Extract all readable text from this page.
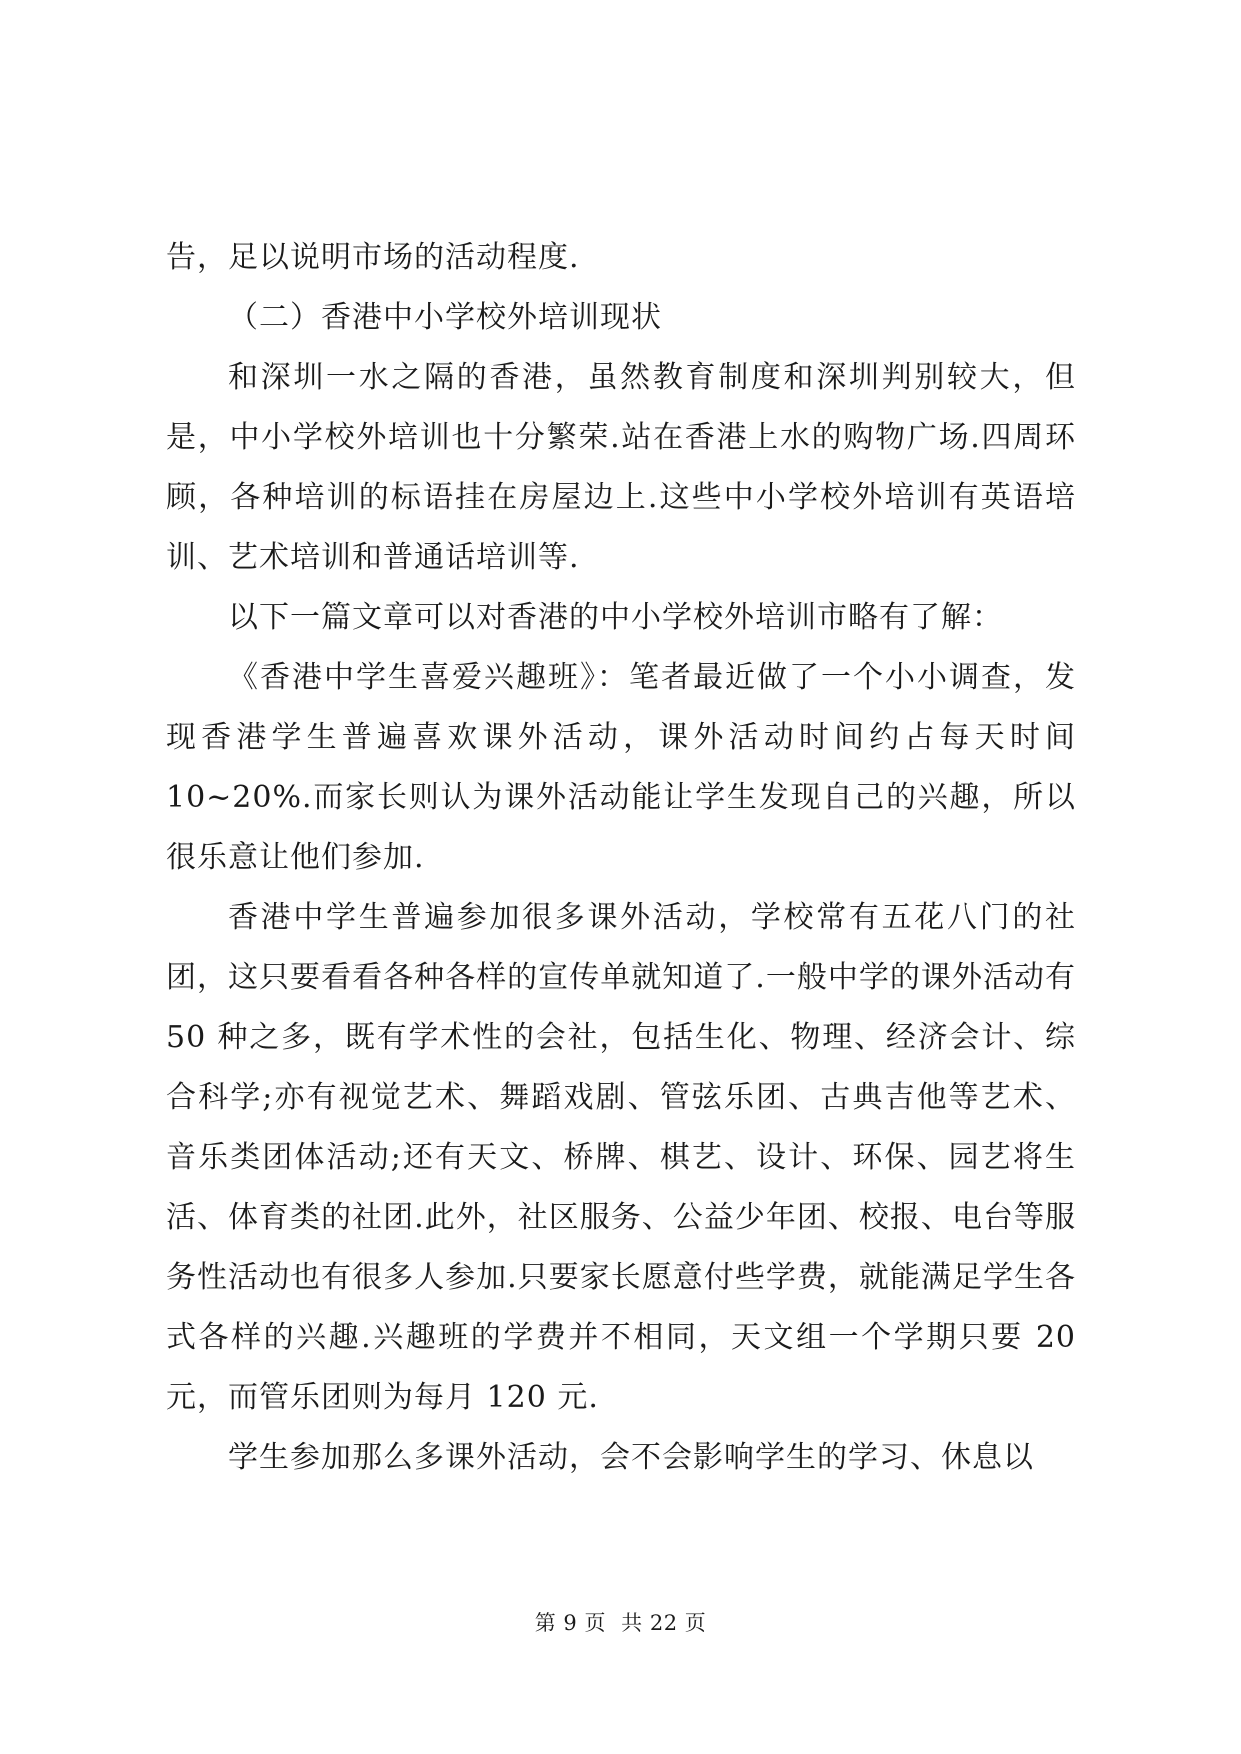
告，足以说明市场的活动程度.

（二）香港中小学校外培训现状

和深圳一水之隔的香港，虽然教育制度和深圳判别较大，但是，中小学校外培训也十分繁荣.站在香港上水的购物广场.四周环顾，各种培训的标语挂在房屋边上.这些中小学校外培训有英语培训、艺术培训和普通话培训等.

以下一篇文章可以对香港的中小学校外培训市略有了解：

《香港中学生喜爱兴趣班》：笔者最近做了一个小小调查，发现香港学生普遍喜欢课外活动，课外活动时间约占每天时间10~20%.而家长则认为课外活动能让学生发现自己的兴趣，所以很乐意让他们参加.

香港中学生普遍参加很多课外活动，学校常有五花八门的社团，这只要看看各种各样的宣传单就知道了.一般中学的课外活动有 50 种之多，既有学术性的会社，包括生化、物理、经济会计、综合科学;亦有视觉艺术、舞蹈戏剧、管弦乐团、古典吉他等艺术、音乐类团体活动;还有天文、桥牌、棋艺、设计、环保、园艺将生活、体育类的社团.此外，社区服务、公益少年团、校报、电台等服务性活动也有很多人参加.只要家长愿意付些学费，就能满足学生各式各样的兴趣.兴趣班的学费并不相同，天文组一个学期只要 20 元，而管乐团则为每月 120 元.

学生参加那么多课外活动，会不会影响学生的学习、休息以

第 9 页 共 22 页
